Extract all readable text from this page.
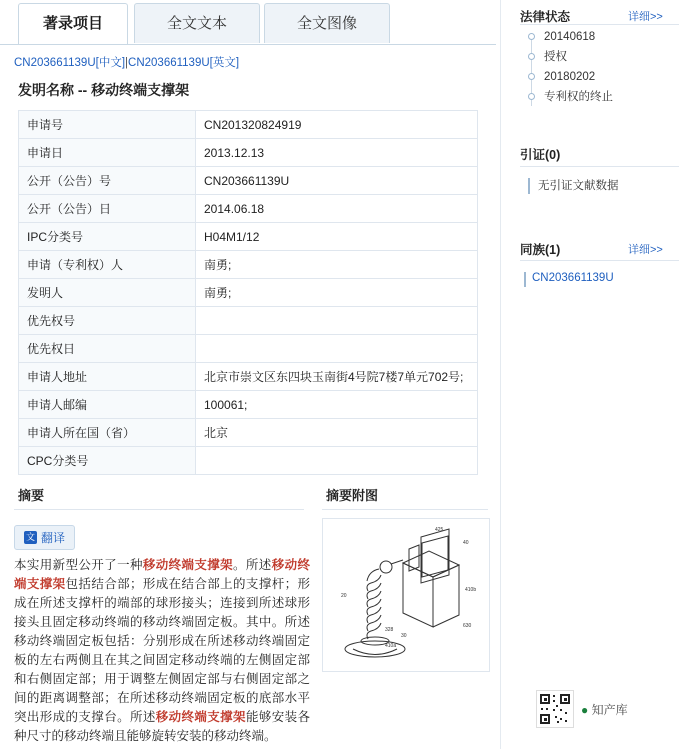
著录项目	全文文本	全文图像
CN203661139U[中文]|CN203661139U[英文]
发明名称 -- 移动终端支撑架
申请号	CN201320824919
申请日	2013.12.13
公开（公告）号	CN203661139U
公开（公告）日	2014.06.18
IPC分类号	H04M1/12
申请（专利权）人	南勇;
发明人	南勇;
优先权号	
优先权日	
申请人地址	北京市崇文区东四块玉南街4号院7楼7单元702号;
申请人邮编	100061;
申请人所在国（省）	北京
CPC分类号	
摘要
文 翻译
本实用新型公开了一种移动终端支撑架。所述移动终端支撑架包括结合部；形成在结合部上的支撑杆；形成在所述支撑杆的端部的球形接头；连接到所述球形接头且固定移动终端的移动终端固定板。其中。所述移动终端固定板包括：分别形成在所述移动终端固定板的左右两侧且在其之间固定移动终端的左侧固定部和右侧固定部；用于调整左侧固定部与右侧固定部之间的距离调整部；在所述移动终端固定板的底部水平突出形成的支撑台。所述移动终端支撑架能够安装各种尺寸的移动终端且能够旋转安装的移动终端。
摘要附图
425
40
410b
20
328
30
630
410a
法律状态	详细>>
20140618
授权
20180202
专利权的终止
引证(0)
无引证文献数据
同族(1)	详细>>
CN203661139U
● 知产库
